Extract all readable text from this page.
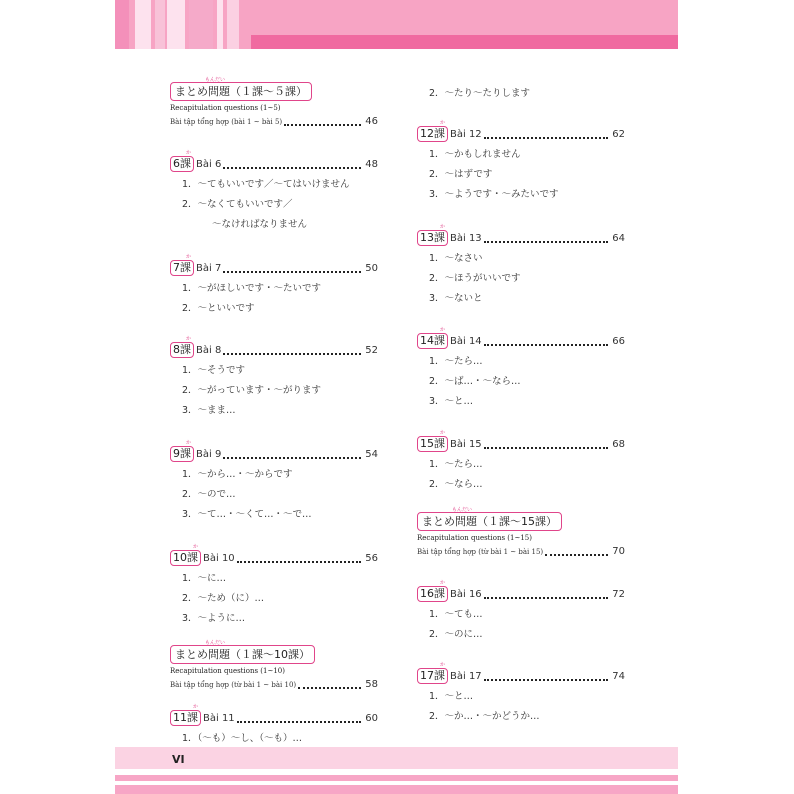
もんだい
まとめ問題（１課〜５課）
Recapitulation questions (1~5)
Bài tập tổng hợp (bài 1 ~ bài 5)	46
か
6課 Bài 6	48
1．〜てもいいです／〜てはいけません
2．〜なくてもいいです／
〜なければなりません
か
7課 Bài 7	50
1．〜がほしいです・〜たいです
2．〜といいです
か
8課 Bài 8	52
1．〜そうです
2．〜がっています・〜がります
3．〜まま…
か
9課 Bài 9	54
1．〜から…・〜からです
2．〜ので…
3．〜て…・〜くて…・〜で…
か
10課 Bài 10	56
1．〜に…
2．〜ため（に）…
3．〜ように…
もんだい
まとめ問題（１課〜10課）
Recapitulation questions (1~10)
Bài tập tổng hợp (từ bài 1 ~ bài 10)	58
か
11課 Bài 11	60
1．（〜も）〜し、（〜も）…
2．〜たり〜たりします
か
12課 Bài 12	62
1．〜かもしれません
2．〜はずです
3．〜ようです・〜みたいです
か
13課 Bài 13	64
1．〜なさい
2．〜ほうがいいです
3．〜ないと
か
14課 Bài 14	66
1．〜たら…
2．〜ば…・〜なら…
3．〜と…
か
15課 Bài 15	68
1．〜たら…
2．〜なら…
もんだい
まとめ問題（１課〜15課）
Recapitulation questions (1~15)
Bài tập tổng hợp (từ bài 1 ~ bài 15)	70
か
16課 Bài 16	72
1．〜ても…
2．〜のに…
か
17課 Bài 17	74
1．〜と…
2．〜か…・〜かどうか…
VI
